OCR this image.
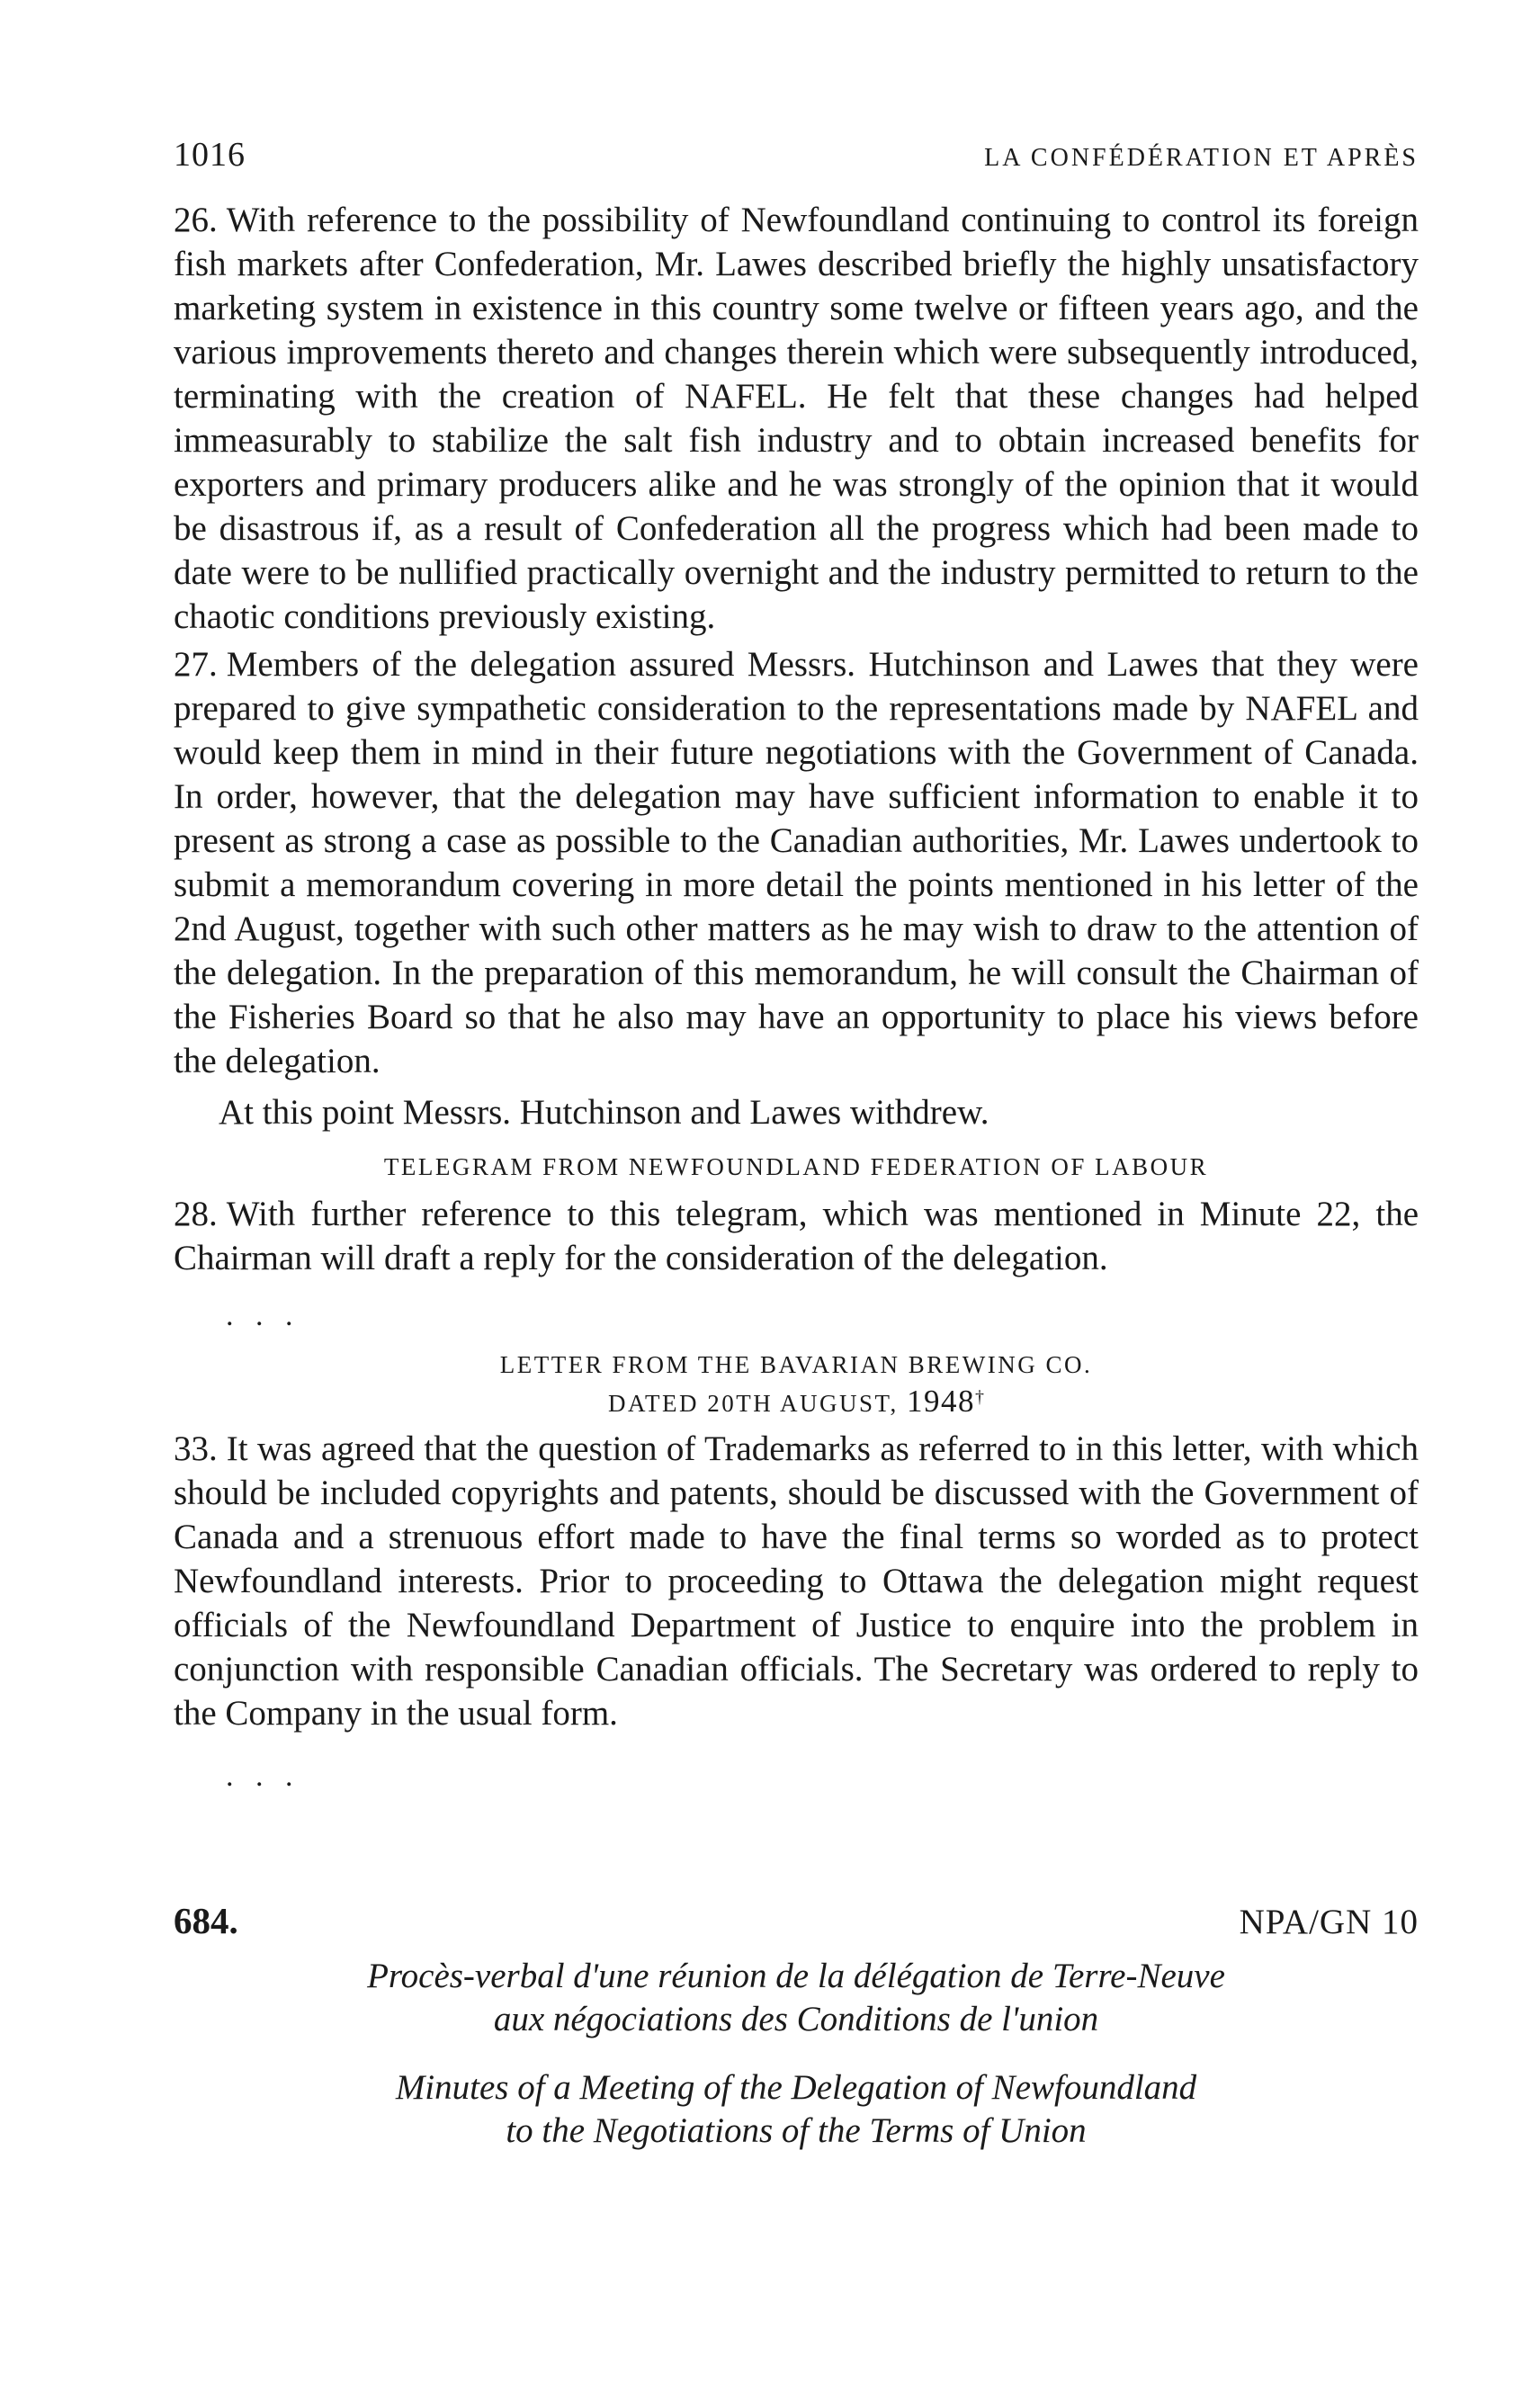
1016	LA CONFÉDÉRATION ET APRÈS

26. With reference to the possibility of Newfoundland continuing to control its foreign fish markets after Confederation, Mr. Lawes described briefly the highly unsatisfactory marketing system in existence in this country some twelve or fifteen years ago, and the various improvements thereto and changes therein which were subsequently introduced, terminating with the creation of NAFEL. He felt that these changes had helped immeasurably to stabilize the salt fish industry and to obtain increased benefits for exporters and primary producers alike and he was strongly of the opinion that it would be disastrous if, as a result of Confederation all the progress which had been made to date were to be nullified practically overnight and the industry permitted to return to the chaotic conditions previously existing.

27. Members of the delegation assured Messrs. Hutchinson and Lawes that they were prepared to give sympathetic consideration to the representations made by NAFEL and would keep them in mind in their future negotiations with the Government of Canada. In order, however, that the delegation may have sufficient information to enable it to present as strong a case as possible to the Canadian authorities, Mr. Lawes undertook to submit a memorandum covering in more detail the points mentioned in his letter of the 2nd August, together with such other matters as he may wish to draw to the attention of the delegation. In the preparation of this memorandum, he will consult the Chairman of the Fisheries Board so that he also may have an opportunity to place his views before the delegation.

At this point Messrs. Hutchinson and Lawes withdrew.
TELEGRAM FROM NEWFOUNDLAND FEDERATION OF LABOUR

28. With further reference to this telegram, which was mentioned in Minute 22, the Chairman will draft a reply for the consideration of the delegation.

. . .
LETTER FROM THE BAVARIAN BREWING CO.
DATED 20TH AUGUST, 1948†

33. It was agreed that the question of Trademarks as referred to in this letter, with which should be included copyrights and patents, should be discussed with the Government of Canada and a strenuous effort made to have the final terms so worded as to protect Newfoundland interests. Prior to proceeding to Ottawa the delegation might request officials of the Newfoundland Department of Justice to enquire into the problem in conjunction with responsible Canadian officials. The Secretary was ordered to reply to the Company in the usual form.

. . .
684.	NPA/GN 10
Procès-verbal d'une réunion de la délégation de Terre-Neuve
aux négociations des Conditions de l'union
Minutes of a Meeting of the Delegation of Newfoundland
to the Negotiations of the Terms of Union
